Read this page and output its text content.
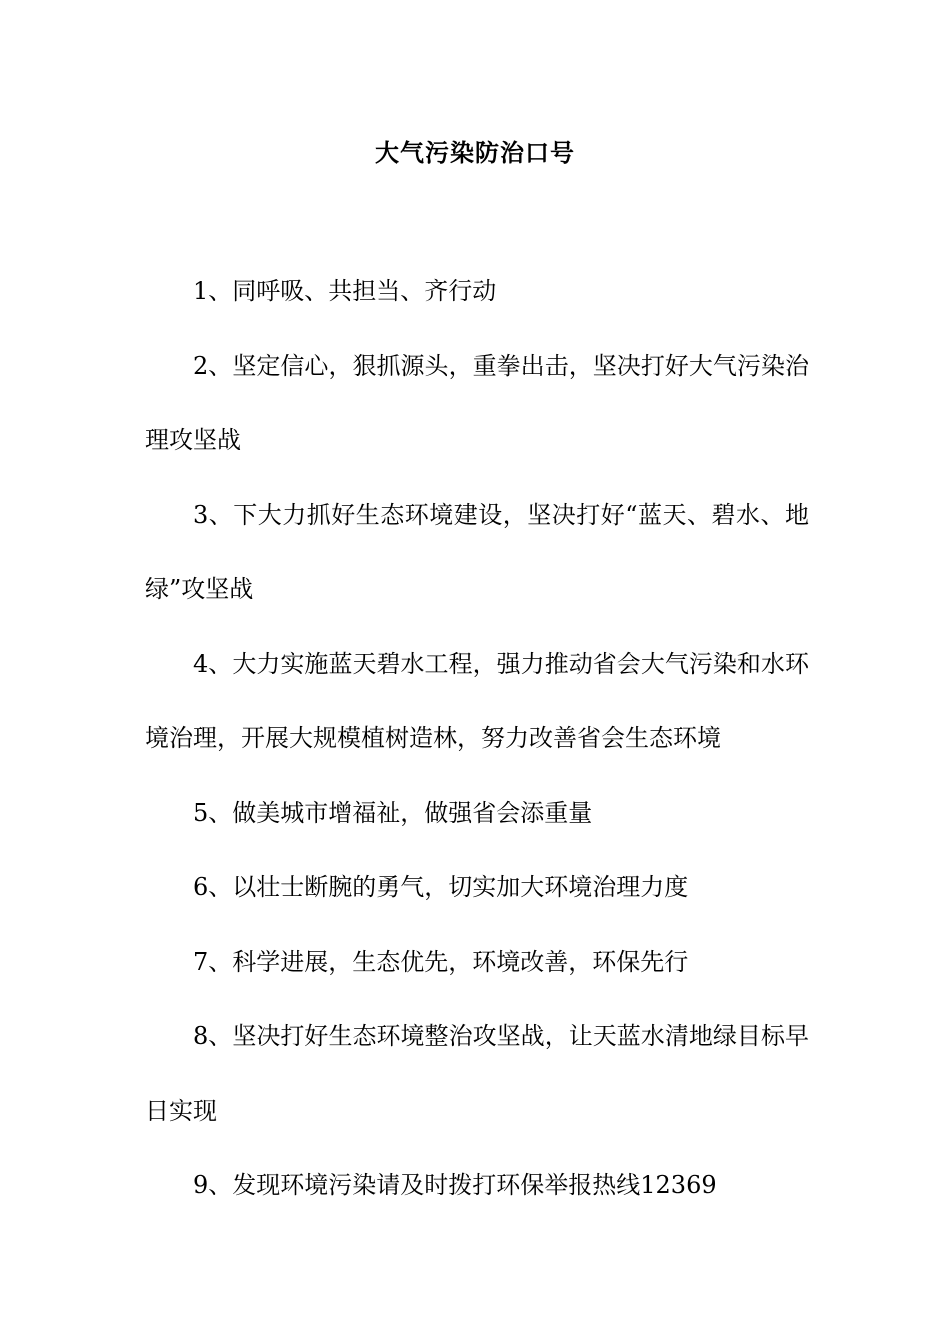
大气污染防治口号

1、同呼吸、共担当、齐行动

2、坚定信心，狠抓源头，重拳出击，坚决打好大气污染治理攻坚战

3、下大力抓好生态环境建设，坚决打好“蓝天、碧水、地绿”攻坚战

4、大力实施蓝天碧水工程，强力推动省会大气污染和水环境治理，开展大规模植树造林，努力改善省会生态环境

5、做美城市增福祉，做强省会添重量

6、以壮士断腕的勇气，切实加大环境治理力度

7、科学进展，生态优先，环境改善，环保先行

8、坚决打好生态环境整治攻坚战，让天蓝水清地绿目标早日实现

9、发现环境污染请及时拨打环保举报热线12369
